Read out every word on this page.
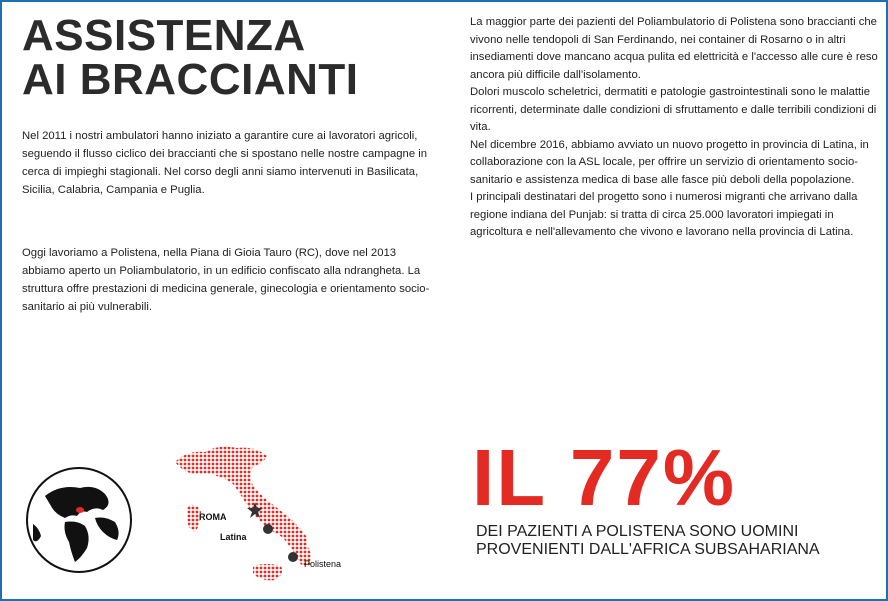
ASSISTENZA
AI BRACCIANTI

Nel 2011 i nostri ambulatori hanno iniziato a garantire cure ai lavoratori agricoli, seguendo il flusso ciclico dei braccianti che si spostano nelle nostre campagne in cerca di impieghi stagionali. Nel corso degli anni siamo intervenuti in Basilicata, Sicilia, Calabria, Campania e Puglia.

Oggi lavoriamo a Polistena, nella Piana di Gioia Tauro (RC), dove nel 2013 abbiamo aperto un Poliambulatorio, in un edificio confiscato alla ndrangheta. La struttura offre prestazioni di medicina generale, ginecologia e orientamento socio-sanitario ai più vulnerabili.

La maggior parte dei pazienti del Poliambulatorio di Polistena sono braccianti che vivono nelle tendopoli di San Ferdinando, nei container di Rosarno o in altri insediamenti dove mancano acqua pulita ed elettricità e l'accesso alle cure è reso ancora più difficile dall'isolamento.

Dolori muscolo scheletrici, dermatiti e patologie gastrointestinali sono le malattie ricorrenti, determinate dalle condizioni di sfruttamento e dalle terribili condizioni di vita.

Nel dicembre 2016, abbiamo avviato un nuovo progetto in provincia di Latina, in collaborazione con la ASL locale, per offrire un servizio di orientamento socio-sanitario e assistenza medica di base alle fasce più deboli della popolazione.

I principali destinatari del progetto sono i numerosi migranti che arrivano dalla regione indiana del Punjab: si tratta di circa 25.000 lavoratori impiegati in agricoltura e nell'allevamento che vivono e lavorano nella provincia di Latina.

ROMA
Latina
Polistena

IL 77%

DEI PAZIENTI A POLISTENA SONO UOMINI
PROVENIENTI DALL'AFRICA SUBSAHARIANA
